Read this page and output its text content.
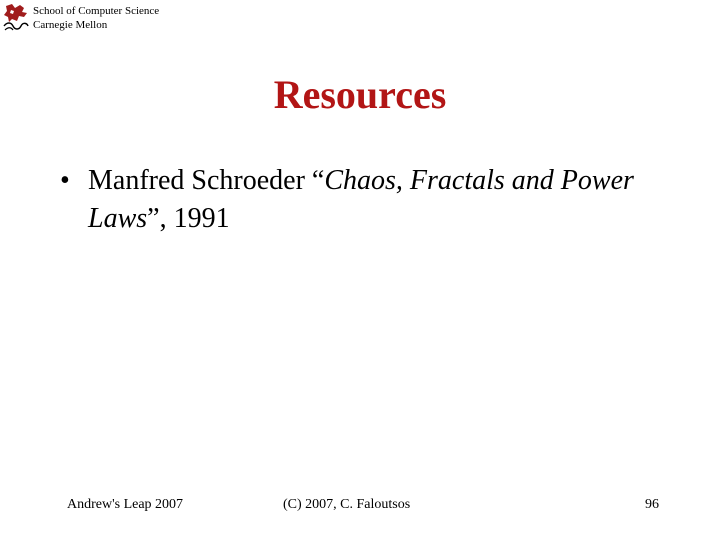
School of Computer Science
Carnegie Mellon
Resources
• Manfred Schroeder “Chaos, Fractals and Power Laws”, 1991
Andrew's Leap 2007	(C) 2007, C. Faloutsos	96
